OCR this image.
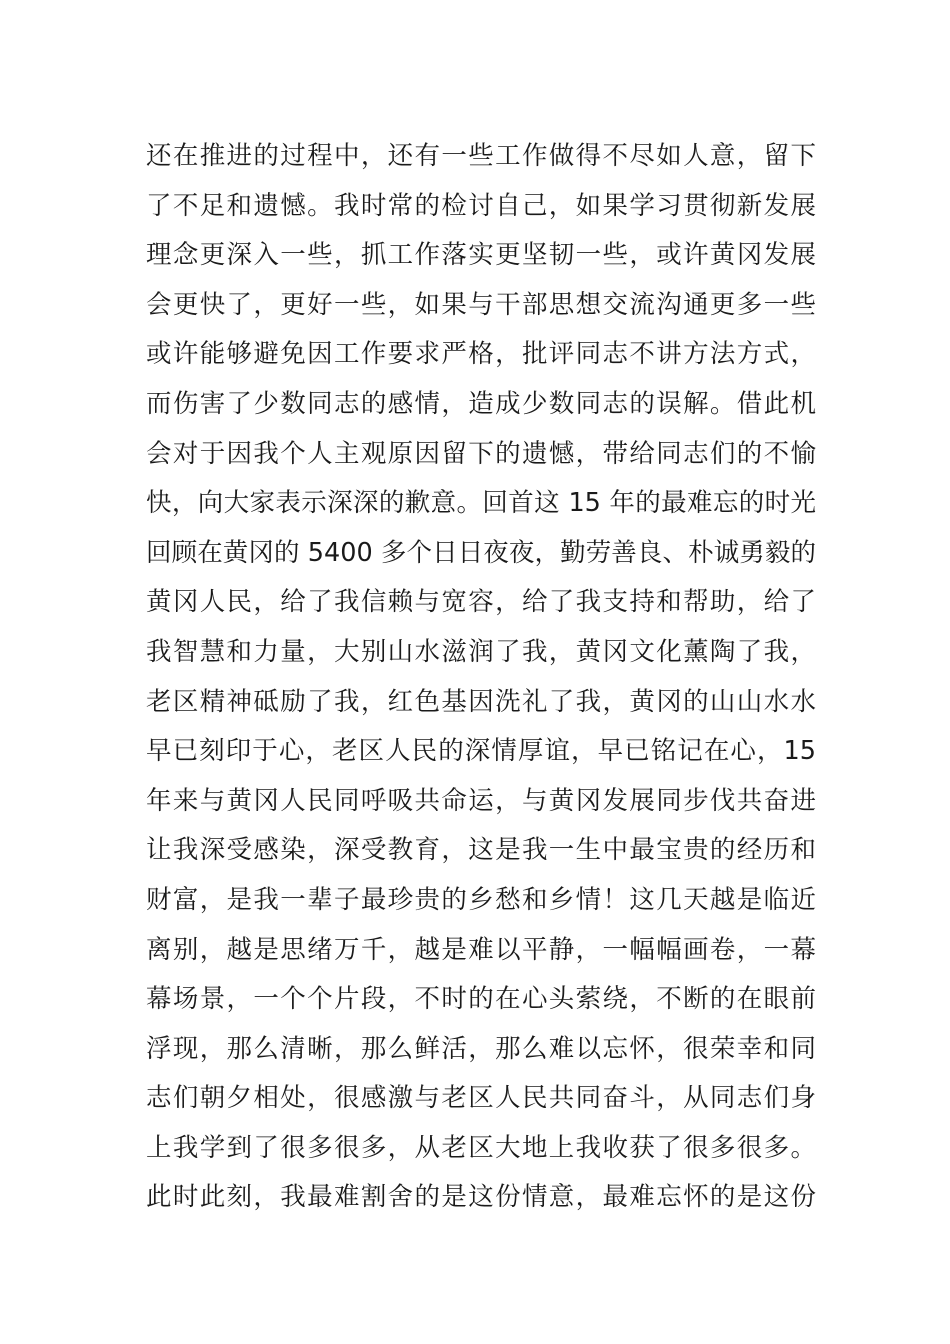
还在推进的过程中，还有一些工作做得不尽如人意，留下
了不足和遗憾。我时常的检讨自己，如果学习贯彻新发展
理念更深入一些，抓工作落实更坚韧一些，或许黄冈发展
会更快了，更好一些，如果与干部思想交流沟通更多一些
或许能够避免因工作要求严格，批评同志不讲方法方式，
而伤害了少数同志的感情，造成少数同志的误解。借此机
会对于因我个人主观原因留下的遗憾，带给同志们的不愉
快，向大家表示深深的歉意。回首这 15 年的最难忘的时光
回顾在黄冈的 5400 多个日日夜夜，勤劳善良、朴诚勇毅的
黄冈人民，给了我信赖与宽容，给了我支持和帮助，给了
我智慧和力量，大别山水滋润了我，黄冈文化薰陶了我，
老区精神砥励了我，红色基因洗礼了我，黄冈的山山水水
早已刻印于心，老区人民的深情厚谊，早已铭记在心，15
年来与黄冈人民同呼吸共命运，与黄冈发展同步伐共奋进
让我深受感染，深受教育，这是我一生中最宝贵的经历和
财富，是我一辈子最珍贵的乡愁和乡情！这几天越是临近
离别，越是思绪万千，越是难以平静，一幅幅画卷，一幕
幕场景，一个个片段，不时的在心头萦绕，不断的在眼前
浮现，那么清晰，那么鲜活，那么难以忘怀，很荣幸和同
志们朝夕相处，很感激与老区人民共同奋斗，从同志们身
上我学到了很多很多，从老区大地上我收获了很多很多。
此时此刻，我最难割舍的是这份情意，最难忘怀的是这份
